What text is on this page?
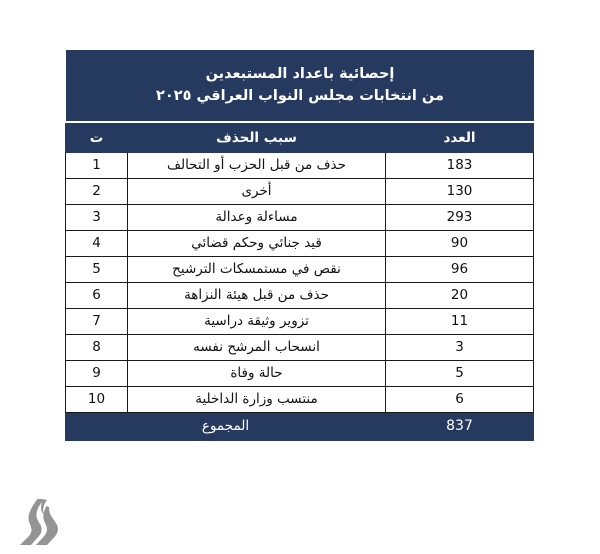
إحصائية باعداد المستبعدين
من انتخابات مجلس النواب العراقي ٢٠٢٥
العدد	سبب الحذف	ت
183	حذف من قبل الحزب أو التحالف	1
130	أخرى	2
293	مساءلة وعدالة	3
90	قيد جنائي وحكم قضائي	4
96	نقص في مستمسكات الترشيح	5
20	حذف من قبل هيئة النزاهة	6
11	تزوير وثيقة دراسية	7
3	انسحاب المرشح نفسه	8
5	حالة وفاة	9
6	منتسب وزارة الداخلية	10
837	المجموع	
